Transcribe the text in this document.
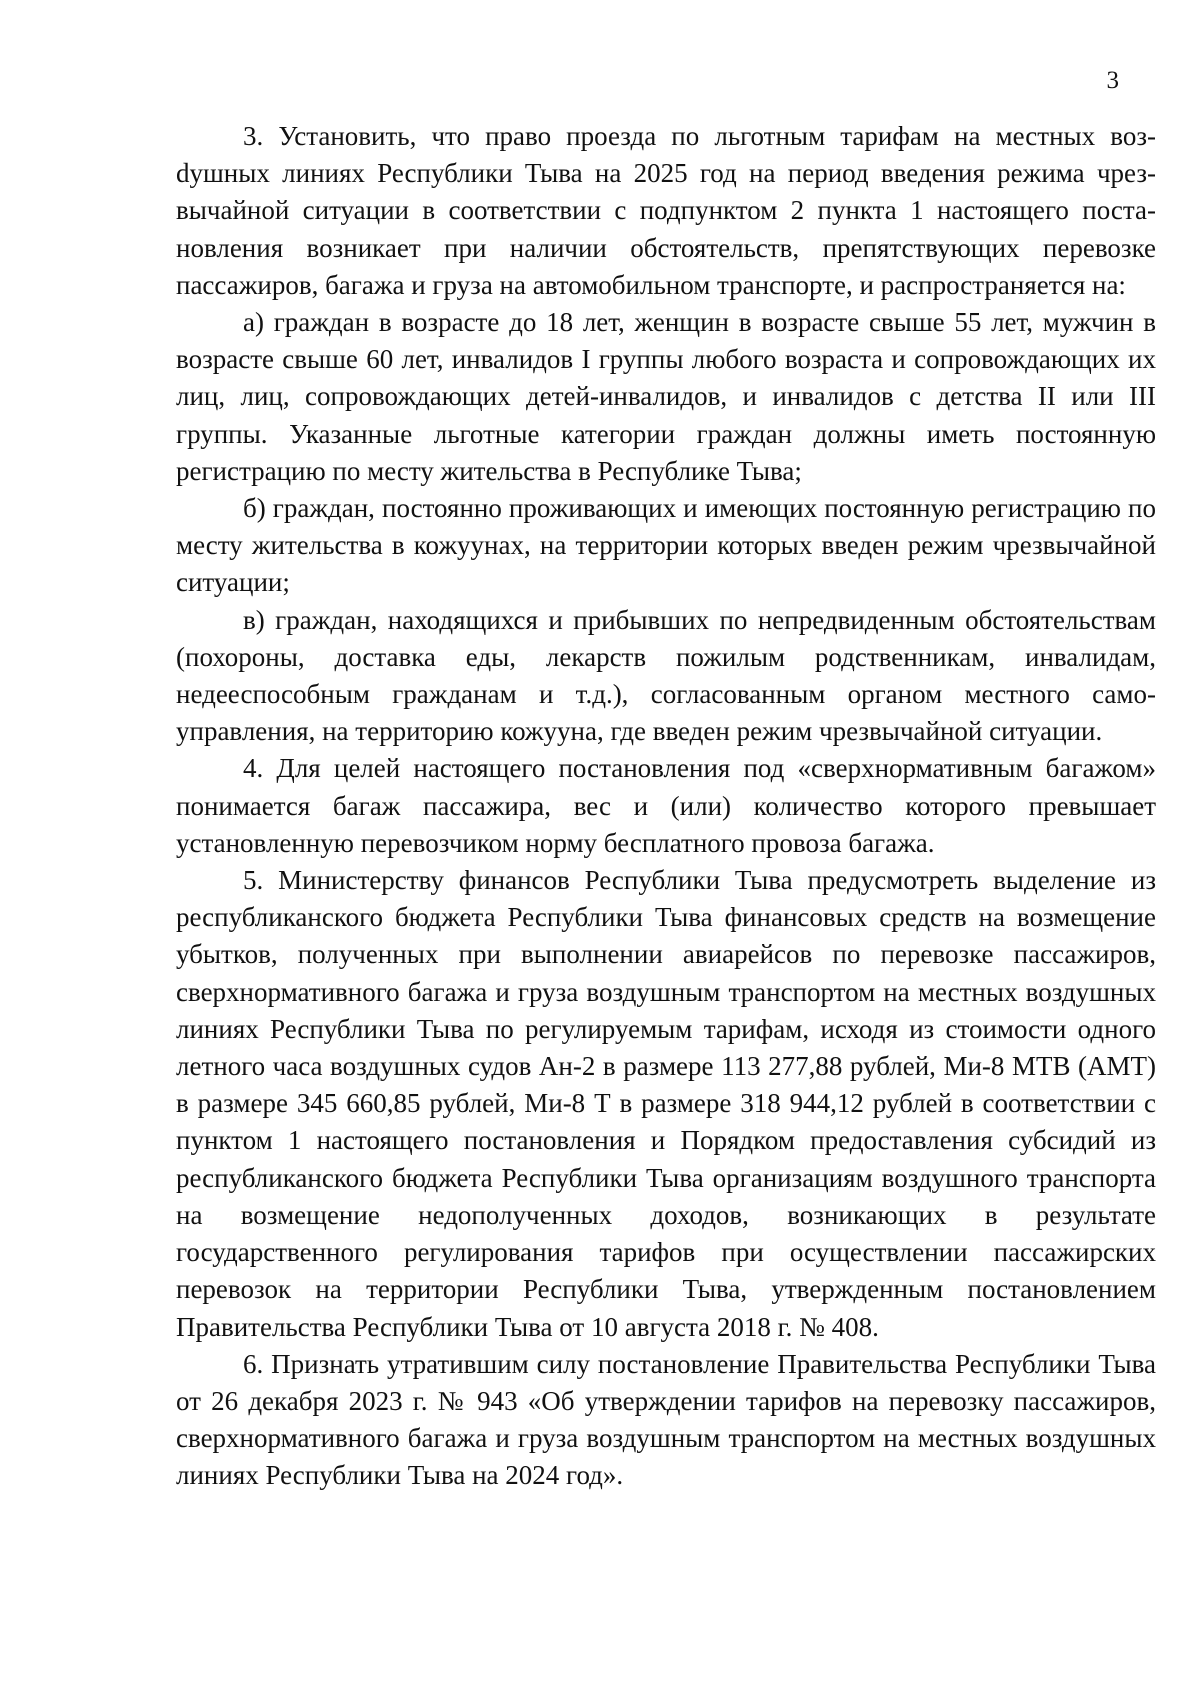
3

3. Установить, что право проезда по льготным тарифам на местных возdушных линиях Республики Тыва на 2025 год на период введения режима чрезвычайной ситуации в соответствии с подпунктом 2 пункта 1 настоящего постановления возникает при наличии обстоятельств, препятствующих перевозке пассажиров, багажа и груза на автомобильном транспорте, и распространяется на:

а) граждан в возрасте до 18 лет, женщин в возрасте свыше 55 лет, мужчин в возрасте свыше 60 лет, инвалидов I группы любого возраста и сопровождающих их лиц, лиц, сопровождающих детей-инвалидов, и инвалидов с детства II или III группы. Указанные льготные категории граждан должны иметь постоянную регистрацию по месту жительства в Республике Тыва;

б) граждан, постоянно проживающих и имеющих постоянную регистрацию по месту жительства в кожуунах, на территории которых введен режим чрезвычайной ситуации;

в) граждан, находящихся и прибывших по непредвиденным обстоятельствам (похороны, доставка еды, лекарств пожилым родственникам, инвалидам, недееспособным гражданам и т.д.), согласованным органом местного самоуправления, на территорию кожууна, где введен режим чрезвычайной ситуации.

4. Для целей настоящего постановления под «сверхнормативным багажом» понимается багаж пассажира, вес и (или) количество которого превышает установленную перевозчиком норму бесплатного провоза багажа.

5. Министерству финансов Республики Тыва предусмотреть выделение из республиканского бюджета Республики Тыва финансовых средств на возмещение убытков, полученных при выполнении авиарейсов по перевозке пассажиров, сверхнормативного багажа и груза воздушным транспортом на местных воздушных линиях Республики Тыва по регулируемым тарифам, исходя из стоимости одного летного часа воздушных судов Ан-2 в размере 113 277,88 рублей, Ми-8 МТВ (АМТ) в размере 345 660,85 рублей, Ми-8 Т в размере 318 944,12 рублей в соответствии с пунктом 1 настоящего постановления и Порядком предоставления субсидий из республиканского бюджета Республики Тыва организациям воздушного транспорта на возмещение недополученных доходов, возникающих в результате государственного регулирования тарифов при осуществлении пассажирских перевозок на территории Республики Тыва, утвержденным постановлением Правительства Республики Тыва от 10 августа 2018 г. № 408.

6. Признать утратившим силу постановление Правительства Республики Тыва от 26 декабря 2023 г. № 943 «Об утверждении тарифов на перевозку пассажиров, сверхнормативного багажа и груза воздушным транспортом на местных воздушных линиях Республики Тыва на 2024 год».
